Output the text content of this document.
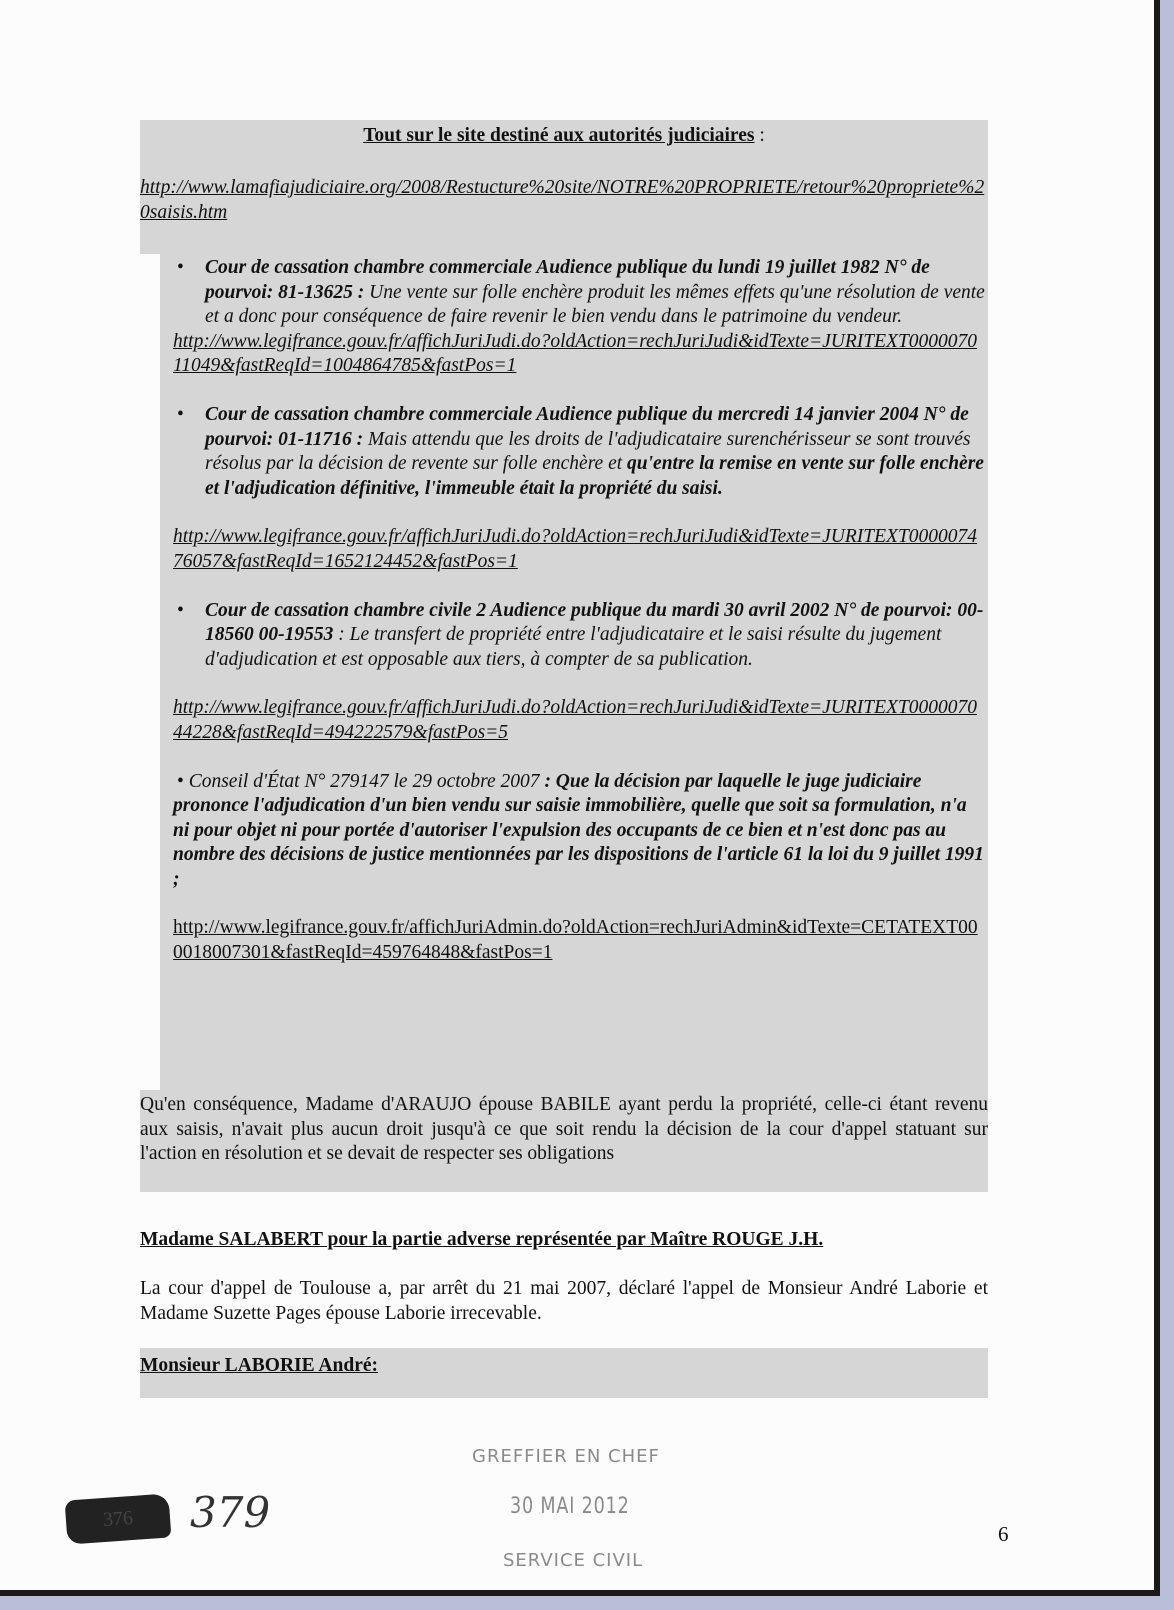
Tout sur le site destiné aux autorités judiciaires :
http://www.lamafiajudiciaire.org/2008/Restucture%20site/NOTRE%20PROPRIETE/retour%20propriete%20saisis.htm
• Cour de cassation chambre commerciale Audience publique du lundi 19 juillet 1982 N° de pourvoi: 81-13625 : Une vente sur folle enchère produit les mêmes effets qu'une résolution de vente et a donc pour conséquence de faire revenir le bien vendu dans le patrimoine du vendeur.
http://www.legifrance.gouv.fr/affichJuriJudi.do?oldAction=rechJuriJudi&idTexte=JURITEXT000007011049&fastReqId=1004864785&fastPos=1
• Cour de cassation chambre commerciale Audience publique du mercredi 14 janvier 2004 N° de pourvoi: 01-11716 : Mais attendu que les droits de l'adjudicataire surenchérisseur se sont trouvés résolus par la décision de revente sur folle enchère et qu'entre la remise en vente sur folle enchère et l'adjudication définitive, l'immeuble était la propriété du saisi.
http://www.legifrance.gouv.fr/affichJuriJudi.do?oldAction=rechJuriJudi&idTexte=JURITEXT000007476057&fastReqId=1652124452&fastPos=1
• Cour de cassation chambre civile 2 Audience publique du mardi 30 avril 2002 N° de pourvoi: 00-18560 00-19553 : Le transfert de propriété entre l'adjudicataire et le saisi résulte du jugement d'adjudication et est opposable aux tiers, à compter de sa publication.
http://www.legifrance.gouv.fr/affichJuriJudi.do?oldAction=rechJuriJudi&idTexte=JURITEXT000007044228&fastReqId=494222579&fastPos=5
• Conseil d'État N° 279147 le 29 octobre 2007 : Que la décision par laquelle le juge judiciaire prononce l'adjudication d'un bien vendu sur saisie immobilière, quelle que soit sa formulation, n'a ni pour objet ni pour portée d'autoriser l'expulsion des occupants de ce bien et n'est donc pas au nombre des décisions de justice mentionnées par les dispositions de l'article 61 la loi du 9 juillet 1991 ;
http://www.legifrance.gouv.fr/affichJuriAdmin.do?oldAction=rechJuriAdmin&idTexte=CETATEXT000018007301&fastReqId=459764848&fastPos=1
Qu'en conséquence, Madame d'ARAUJO épouse BABILE ayant perdu la propriété, celle-ci étant revenu aux saisis, n'avait plus aucun droit jusqu'à ce que soit rendu la décision de la cour d'appel statuant sur l'action en résolution et se devait de respecter ses obligations
Madame SALABERT pour la partie adverse représentée par Maître ROUGE J.H.
La cour d'appel de Toulouse a, par arrêt du 21 mai 2007, déclaré l'appel de Monsieur André Laborie et Madame Suzette Pages épouse Laborie irrecevable.
Monsieur LABORIE André:
GREFFIER EN CHEF
30 MAI 2012
SERVICE CIVIL
376	379	6
